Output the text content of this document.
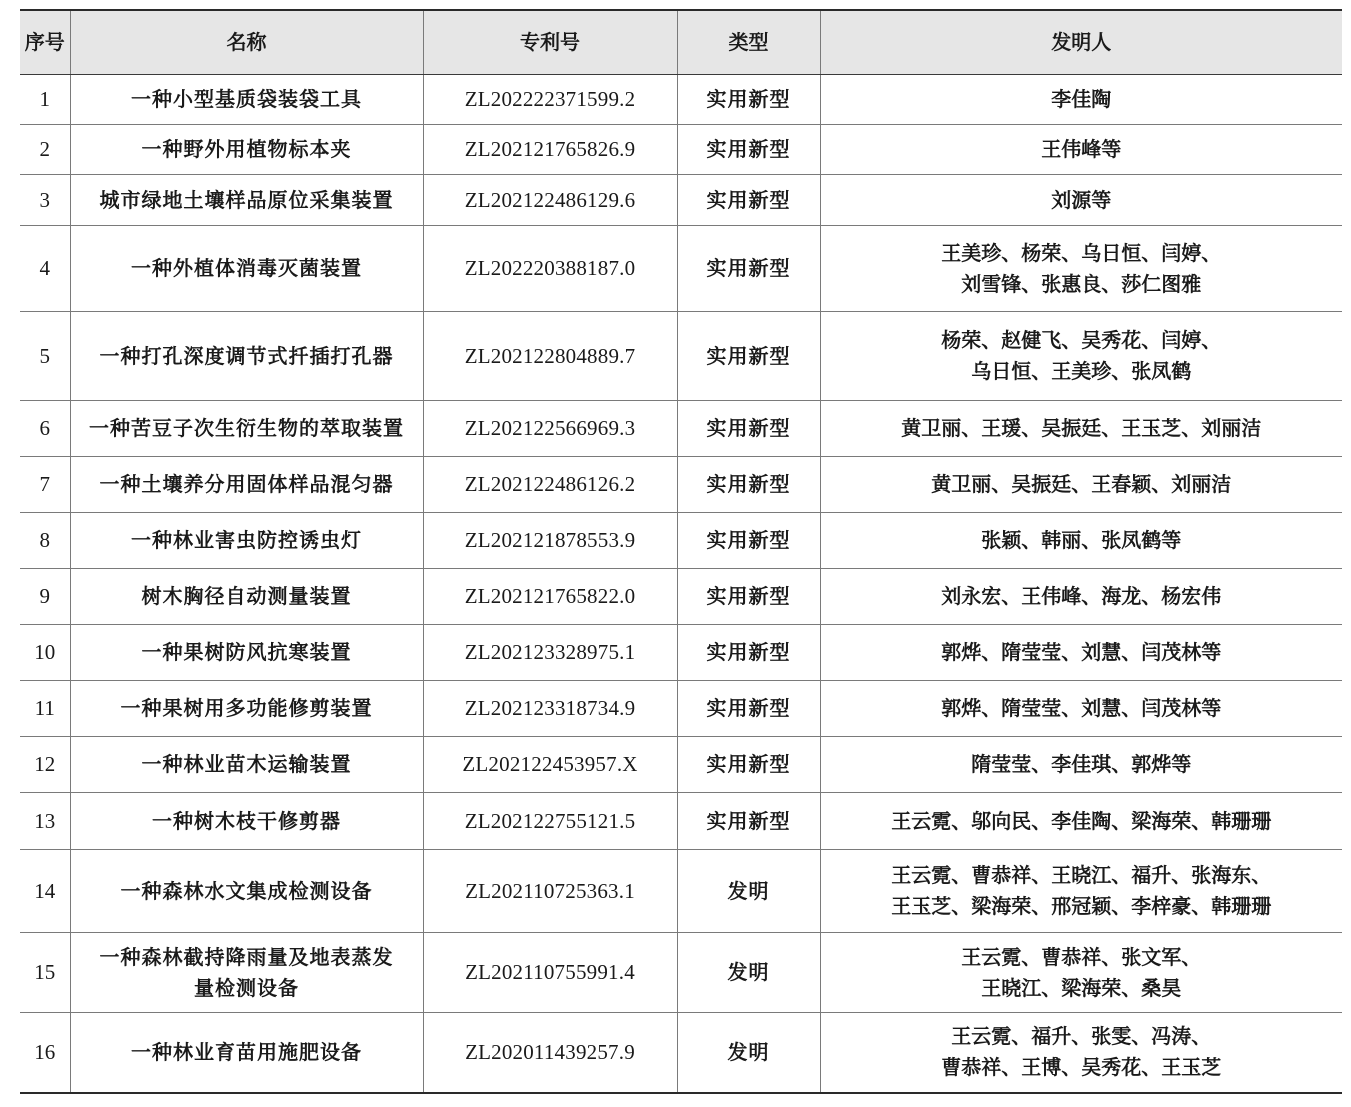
序号	名称	专利号	类型	发明人
1	一种小型基质袋装袋工具	ZL202222371599.2	实用新型	李佳陶

2	一种野外用植物标本夹	ZL202121765826.9	实用新型	王伟峰等

3	城市绿地土壤样品原位采集装置	ZL202122486129.6	实用新型	刘源等

4	一种外植体消毒灭菌装置	ZL202220388187.0	实用新型	王美珍、杨荣、乌日恒、闫婷、
刘雪锋、张惠良、莎仁图雅

5	一种打孔深度调节式扦插打孔器	ZL202122804889.7	实用新型	杨荣、赵健飞、吴秀花、闫婷、
乌日恒、王美珍、张凤鹤

6	一种苦豆子次生衍生物的萃取装置	ZL202122566969.3	实用新型	黄卫丽、王瑗、吴振廷、王玉芝、刘丽洁

7	一种土壤养分用固体样品混匀器	ZL202122486126.2	实用新型	黄卫丽、吴振廷、王春颖、刘丽洁

8	一种林业害虫防控诱虫灯	ZL202121878553.9	实用新型	张颖、韩丽、张凤鹤等

9	树木胸径自动测量装置	ZL202121765822.0	实用新型	刘永宏、王伟峰、海龙、杨宏伟

10	一种果树防风抗寒装置	ZL202123328975.1	实用新型	郭烨、隋莹莹、刘慧、闫茂林等

11	一种果树用多功能修剪装置	ZL202123318734.9	实用新型	郭烨、隋莹莹、刘慧、闫茂林等

12	一种林业苗木运输装置	ZL202122453957.X	实用新型	隋莹莹、李佳琪、郭烨等

13	一种树木枝干修剪器	ZL202122755121.5	实用新型	王云霓、邬向民、李佳陶、梁海荣、韩珊珊

14	一种森林水文集成检测设备	ZL202110725363.1	发明	王云霓、曹恭祥、王晓江、福升、张海东、
王玉芝、梁海荣、邢冠颖、李梓豪、韩珊珊

15	一种森林截持降雨量及地表蒸发
量检测设备	ZL202110755991.4	发明	王云霓、曹恭祥、张文军、
王晓江、梁海荣、桑昊

16	一种林业育苗用施肥设备	ZL202011439257.9	发明	王云霓、福升、张雯、冯涛、
曹恭祥、王博、吴秀花、王玉芝
